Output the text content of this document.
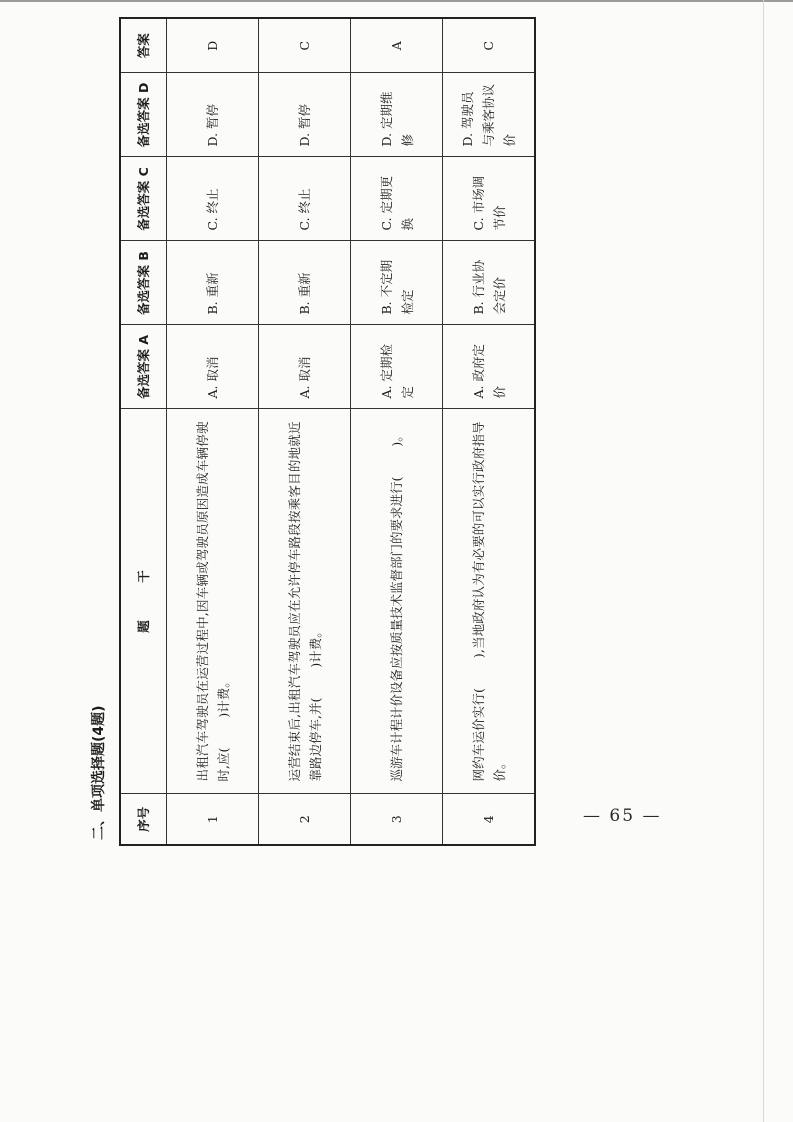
二、单项选择题(4题) 序号	题　　　干	备选答案 A	备选答案 B	备选答案 C	备选答案 D	答案
1	出租汽车驾驶员在运营过程中,因车辆或驾驶员原因造成车辆停驶时,应()计费。	A. 取消	B. 重新	C. 终止	D. 暂停	D
2	运营结束后,出租汽车驾驶员应在允许停车路段按乘客目的地就近靠路边停车,并()计费。	A. 取消	B. 重新	C. 终止	D. 暂停	C
3	巡游车计程计价设备应按质量技术监督部门的要求进行()。	A. 定期检定	B. 不定期检定	C. 定期更换	D. 定期维修	A
4	网约车运价实行(),当地政府认为有必要的可以实行政府指导价。	A. 政府定价	B. 行业协会定价	C. 市场调节价	D. 驾驶员与乘客协议价	C
— 65 —
